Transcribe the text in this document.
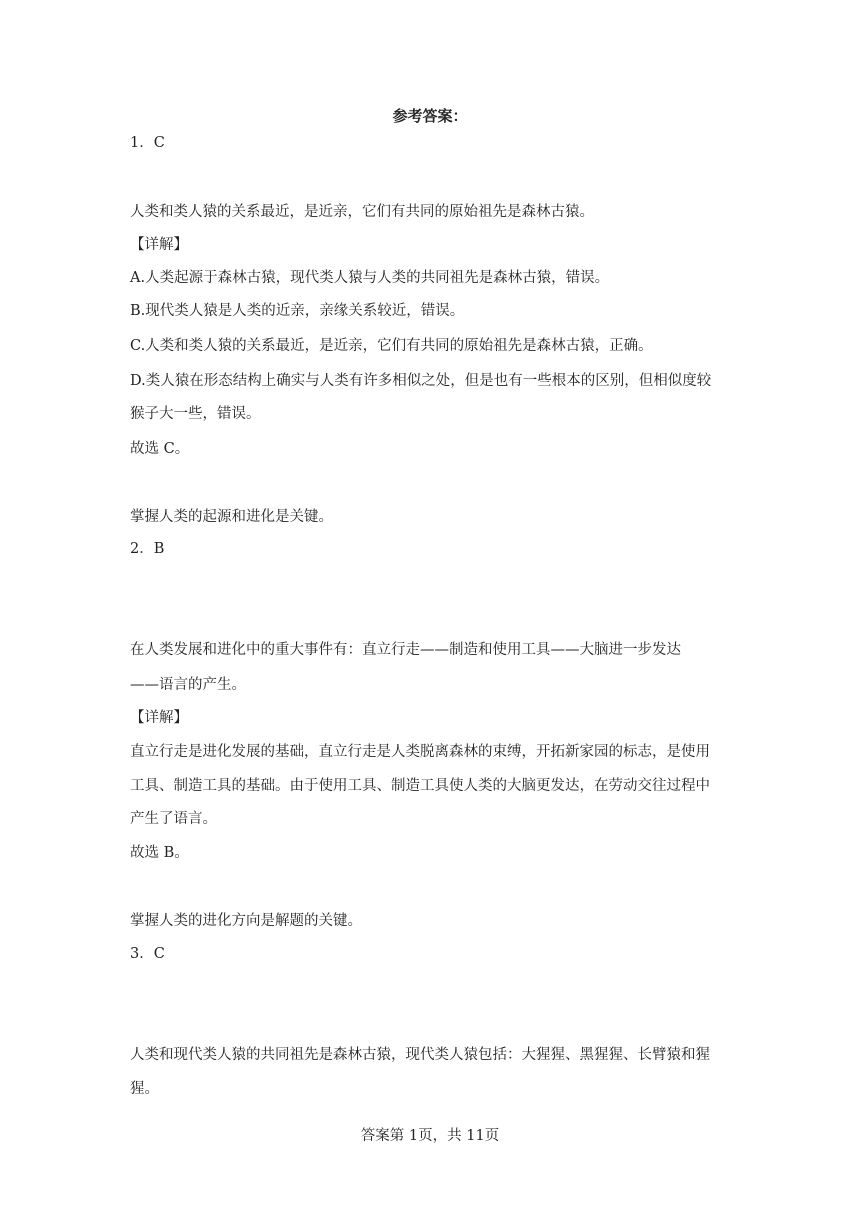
参考答案：
1．C
人类和类人猿的关系最近，是近亲，它们有共同的原始祖先是森林古猿。
【详解】
A.人类起源于森林古猿，现代类人猿与人类的共同祖先是森林古猿，错误。
B.现代类人猿是人类的近亲，亲缘关系较近，错误。
C.人类和类人猿的关系最近，是近亲，它们有共同的原始祖先是森林古猿，正确。
D.类人猿在形态结构上确实与人类有许多相似之处，但是也有一些根本的区别，但相似度较
猴子大一些，错误。
故选 C。
掌握人类的起源和进化是关键。
2．B
在人类发展和进化中的重大事件有：直立行走——制造和使用工具——大脑进一步发达
——语言的产生。
【详解】
直立行走是进化发展的基础，直立行走是人类脱离森林的束缚，开拓新家园的标志，是使用
工具、制造工具的基础。由于使用工具、制造工具使人类的大脑更发达，在劳动交往过程中
产生了语言。
故选 B。
掌握人类的进化方向是解题的关键。
3．C
人类和现代类人猿的共同祖先是森林古猿，现代类人猿包括：大猩猩、黑猩猩、长臂猿和猩
猩。
答案第 1页，共 11页
